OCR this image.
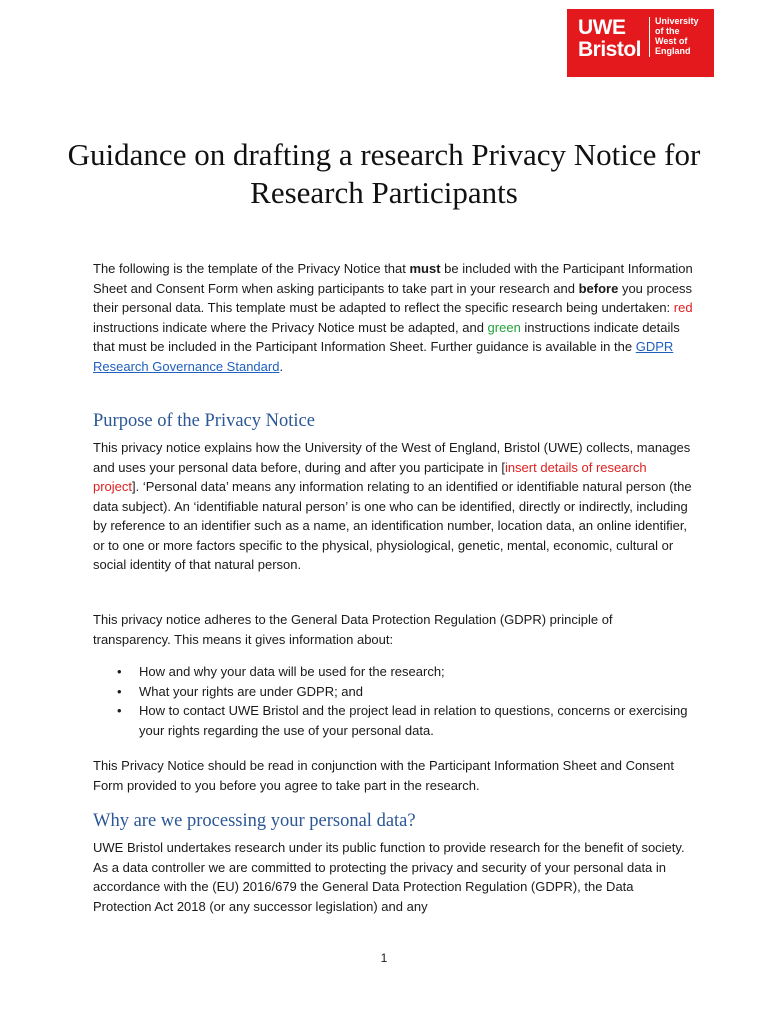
UWE
Bristol
University
of the
West of
England
Guidance on drafting a research Privacy Notice for Research Participants

The following is the template of the Privacy Notice that must be included with the Participant Information Sheet and Consent Form when asking participants to take part in your research and before you process their personal data. This template must be adapted to reflect the specific research being undertaken: red instructions indicate where the Privacy Notice must be adapted, and green instructions indicate details that must be included in the Participant Information Sheet. Further guidance is available in the GDPR Research Governance Standard.

Purpose of the Privacy Notice

This privacy notice explains how the University of the West of England, Bristol (UWE) collects, manages and uses your personal data before, during and after you participate in [insert details of research project]. ‘Personal data’ means any information relating to an identified or identifiable natural person (the data subject). An ‘identifiable natural person’ is one who can be identified, directly or indirectly, including by reference to an identifier such as a name, an identification number, location data, an online identifier, or to one or more factors specific to the physical, physiological, genetic, mental, economic, cultural or social identity of that natural person.

This privacy notice adheres to the General Data Protection Regulation (GDPR) principle of transparency. This means it gives information about:

• How and why your data will be used for the research;
• What your rights are under GDPR; and
• How to contact UWE Bristol and the project lead in relation to questions, concerns or exercising your rights regarding the use of your personal data.

This Privacy Notice should be read in conjunction with the Participant Information Sheet and Consent Form provided to you before you agree to take part in the research.

Why are we processing your personal data?

UWE Bristol undertakes research under its public function to provide research for the benefit of society. As a data controller we are committed to protecting the privacy and security of your personal data in accordance with the (EU) 2016/679 the General Data Protection Regulation (GDPR), the Data Protection Act 2018 (or any successor legislation) and any

1
